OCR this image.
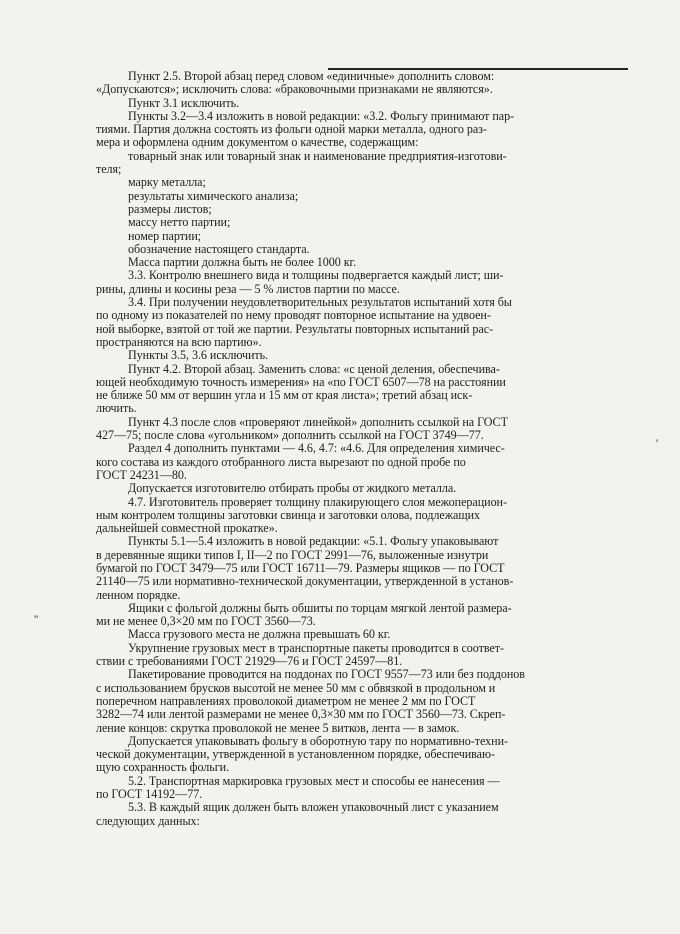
Пункт 2.5. Второй абзац перед словом «единичные» дополнить словом:
«Допускаются»; исключить слова: «браковочными признаками не являются».
Пункт 3.1 исключить.
Пункты 3.2—3.4 изложить в новой редакции: «3.2. Фольгу принимают пар-
тиями. Партия должна состоять из фольги одной марки металла, одного раз-
мера и оформлена одним документом о качестве, содержащим:
товарный знак или товарный знак и наименование предприятия-изготови-
теля;
марку металла;
результаты химического анализа;
размеры листов;
массу нетто партии;
номер партии;
обозначение настоящего стандарта.
Масса партии должна быть не более 1000 кг.
3.3. Контролю внешнего вида и толщины подвергается каждый лист; ши-
рины, длины и косины реза — 5 % листов партии по массе.
3.4. При получении неудовлетворительных результатов испытаний хотя бы
по одному из показателей по нему проводят повторное испытание на удвоен-
ной выборке, взятой от той же партии. Результаты повторных испытаний рас-
пространяются на всю партию».
Пункты 3.5, 3.6 исключить.
Пункт 4.2. Второй абзац. Заменить слова: «с ценой деления, обеспечива-
ющей необходимую точность измерения» на «по ГОСТ 6507—78 на расстоянии
не ближе 50 мм от вершин угла и 15 мм от края листа»; третий абзац иск-
лючить.
Пункт 4.3 после слов «проверяют линейкой» дополнить ссылкой на ГОСТ
427—75; после слова «угольником» дополнить ссылкой на ГОСТ 3749—77.
Раздел 4 дополнить пунктами — 4.6, 4.7: «4.6. Для определения химичес-
кого состава из каждого отобранного листа вырезают по одной пробе по
ГОСТ 24231—80.
Допускается изготовителю отбирать пробы от жидкого металла.
4.7. Изготовитель проверяет толщину плакирующего слоя межоперацион-
ным контролем толщины заготовки свинца и заготовки олова, подлежащих
дальнейшей совместной прокатке».
Пункты 5.1—5.4 изложить в новой редакции: «5.1. Фольгу упаковывают
в деревянные ящики типов I, II—2 по ГОСТ 2991—76, выложенные изнутри
бумагой по ГОСТ 3479—75 или ГОСТ 16711—79. Размеры ящиков — по ГОСТ
21140—75 или нормативно-технической документации, утвержденной в установ-
ленном порядке.
Ящики с фольгой должны быть обшиты по торцам мягкой лентой размера-
ми не менее 0,3×20 мм по ГОСТ 3560—73.
Масса грузового места не должна превышать 60 кг.
Укрупнение грузовых мест в транспортные пакеты проводится в соответ-
ствии с требованиями ГОСТ 21929—76 и ГОСТ 24597—81.
Пакетирование проводится на поддонах по ГОСТ 9557—73 или без поддонов
с использованием брусков высотой не менее 50 мм с обвязкой в продольном и
поперечном направлениях проволокой диаметром не менее 2 мм по ГОСТ
3282—74 или лентой размерами не менее 0,3×30 мм по ГОСТ 3560—73. Скреп-
ление концов: скрутка проволокой не менее 5 витков, лента — в замок.
Допускается упаковывать фольгу в оборотную тару по нормативно-техни-
ческой документации, утвержденной в установленном порядке, обеспечиваю-
щую сохранность фольги.
5.2. Транспортная маркировка грузовых мест и способы ее нанесения —
по ГОСТ 14192—77.
5.3. В каждый ящик должен быть вложен упаковочный лист с указанием
следующих данных:
''
'
